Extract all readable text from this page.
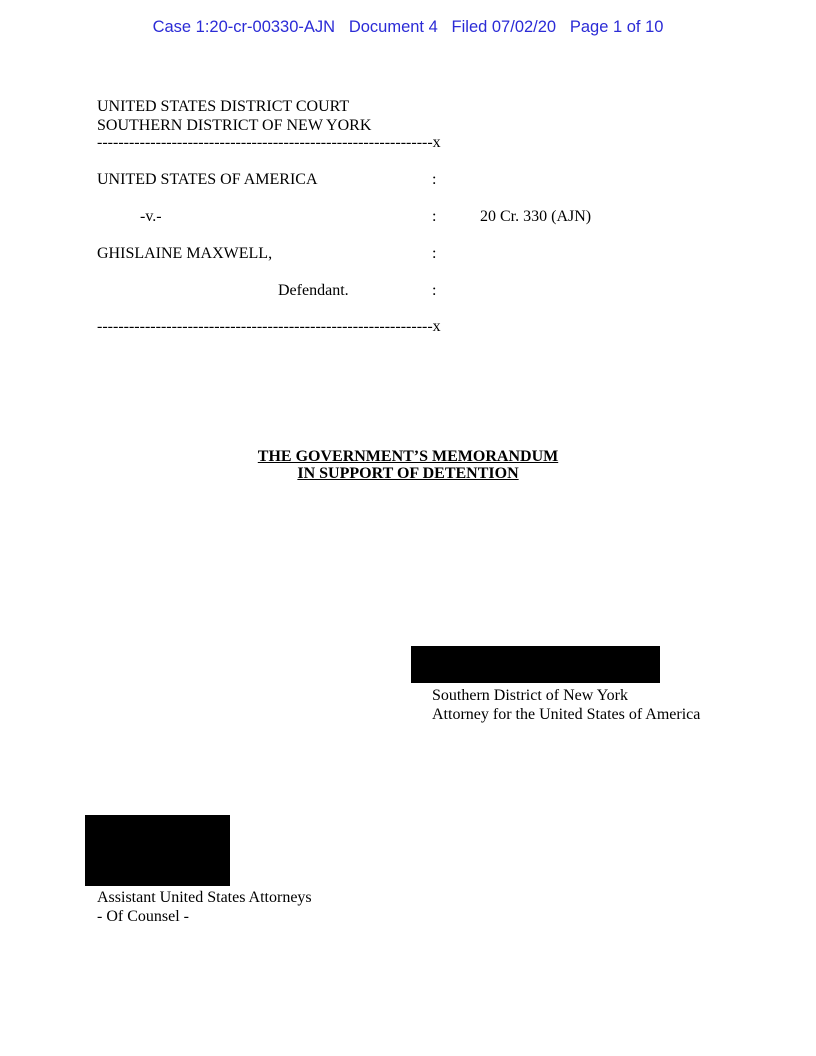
Case 1:20-cr-00330-AJN   Document 4   Filed 07/02/20   Page 1 of 10
UNITED STATES DISTRICT COURT
SOUTHERN DISTRICT OF NEW YORK
---------------------------------------------------------------x
UNITED STATES OF AMERICA	:
-v.-	:	20 Cr. 330 (AJN)
GHISLAINE MAXWELL,	:
Defendant.	:
---------------------------------------------------------------x
THE GOVERNMENT’S MEMORANDUM
IN SUPPORT OF DETENTION
Southern District of New York
Attorney for the United States of America
Assistant United States Attorneys
- Of Counsel -
